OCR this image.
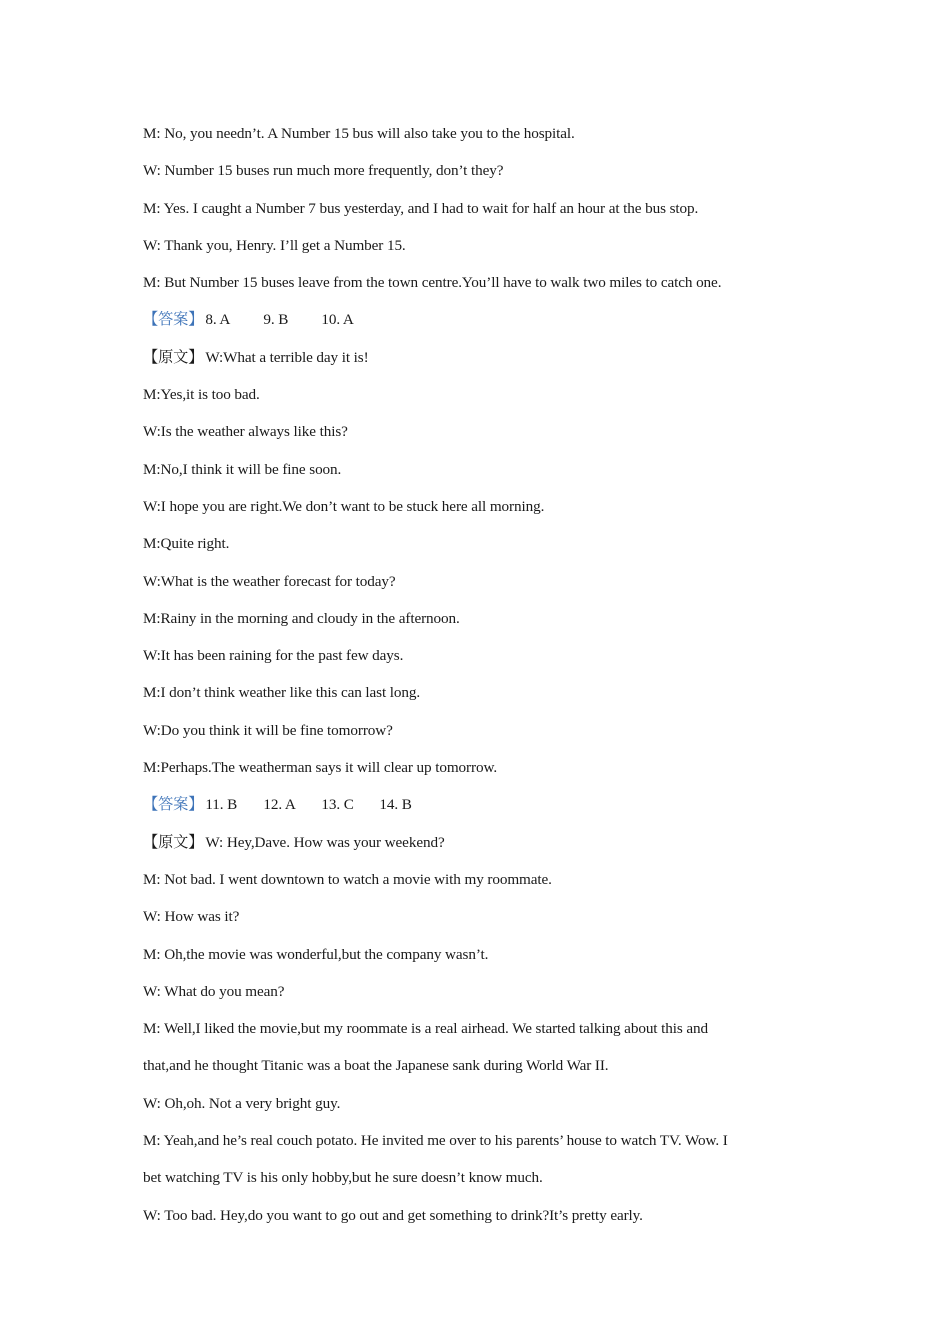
M: No, you needn’t. A Number 15 bus will also take you to the hospital.
W: Number 15 buses run much more frequently, don’t they?
M: Yes. I caught a Number 7 bus yesterday, and I had to wait for half an hour at the bus stop.
W: Thank you, Henry. I’ll get a Number 15.
M: But Number 15 buses leave from the town centre.You’ll have to walk two miles to catch one.
【答案】 8. A 9. B 10. A
【原文】 W:What a terrible day it is!
M:Yes,it is too bad.
W:Is the weather always like this?
M:No,I think it will be fine soon.
W:I hope you are right.We don’t want to be stuck here all morning.
M:Quite right.
W:What is the weather forecast for today?
M:Rainy in the morning and cloudy in the afternoon.
W:It has been raining for the past few days.
M:I don’t think weather like this can last long.
W:Do you think it will be fine tomorrow?
M:Perhaps.The weatherman says it will clear up tomorrow.
【答案】 11. B 12. A 13. C 14. B
【原文】 W: Hey,Dave. How was your weekend?
M: Not bad. I went downtown to watch a movie with my roommate.
W: How was it?
M: Oh,the movie was wonderful,but the company wasn’t.
W: What do you mean?
M: Well,I liked the movie,but my roommate is a real airhead. We started talking about this and
that,and he thought Titanic was a boat the Japanese sank during World War II.
W: Oh,oh. Not a very bright guy.
M: Yeah,and he’s real couch potato. He invited me over to his parents’ house to watch TV. Wow. I
bet watching TV is his only hobby,but he sure doesn’t know much.
W: Too bad. Hey,do you want to go out and get something to drink?It’s pretty early.
